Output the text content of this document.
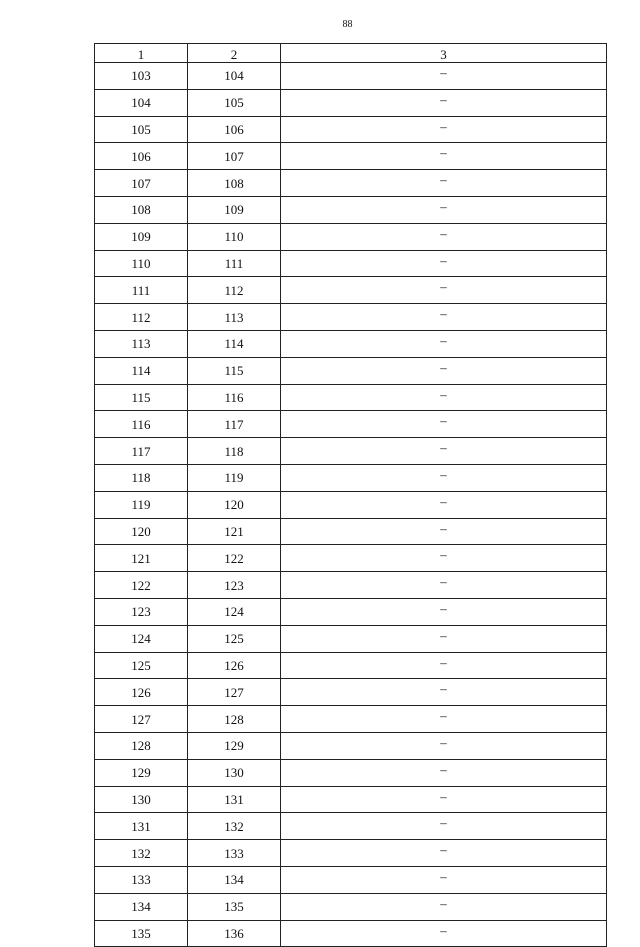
88
1	2	3
103	104	–
104	105	–
105	106	–
106	107	–
107	108	–
108	109	–
109	110	–
110	111	–
111	112	–
112	113	–
113	114	–
114	115	–
115	116	–
116	117	–
117	118	–
118	119	–
119	120	–
120	121	–
121	122	–
122	123	–
123	124	–
124	125	–
125	126	–
126	127	–
127	128	–
128	129	–
129	130	–
130	131	–
131	132	–
132	133	–
133	134	–
134	135	–
135	136	–
